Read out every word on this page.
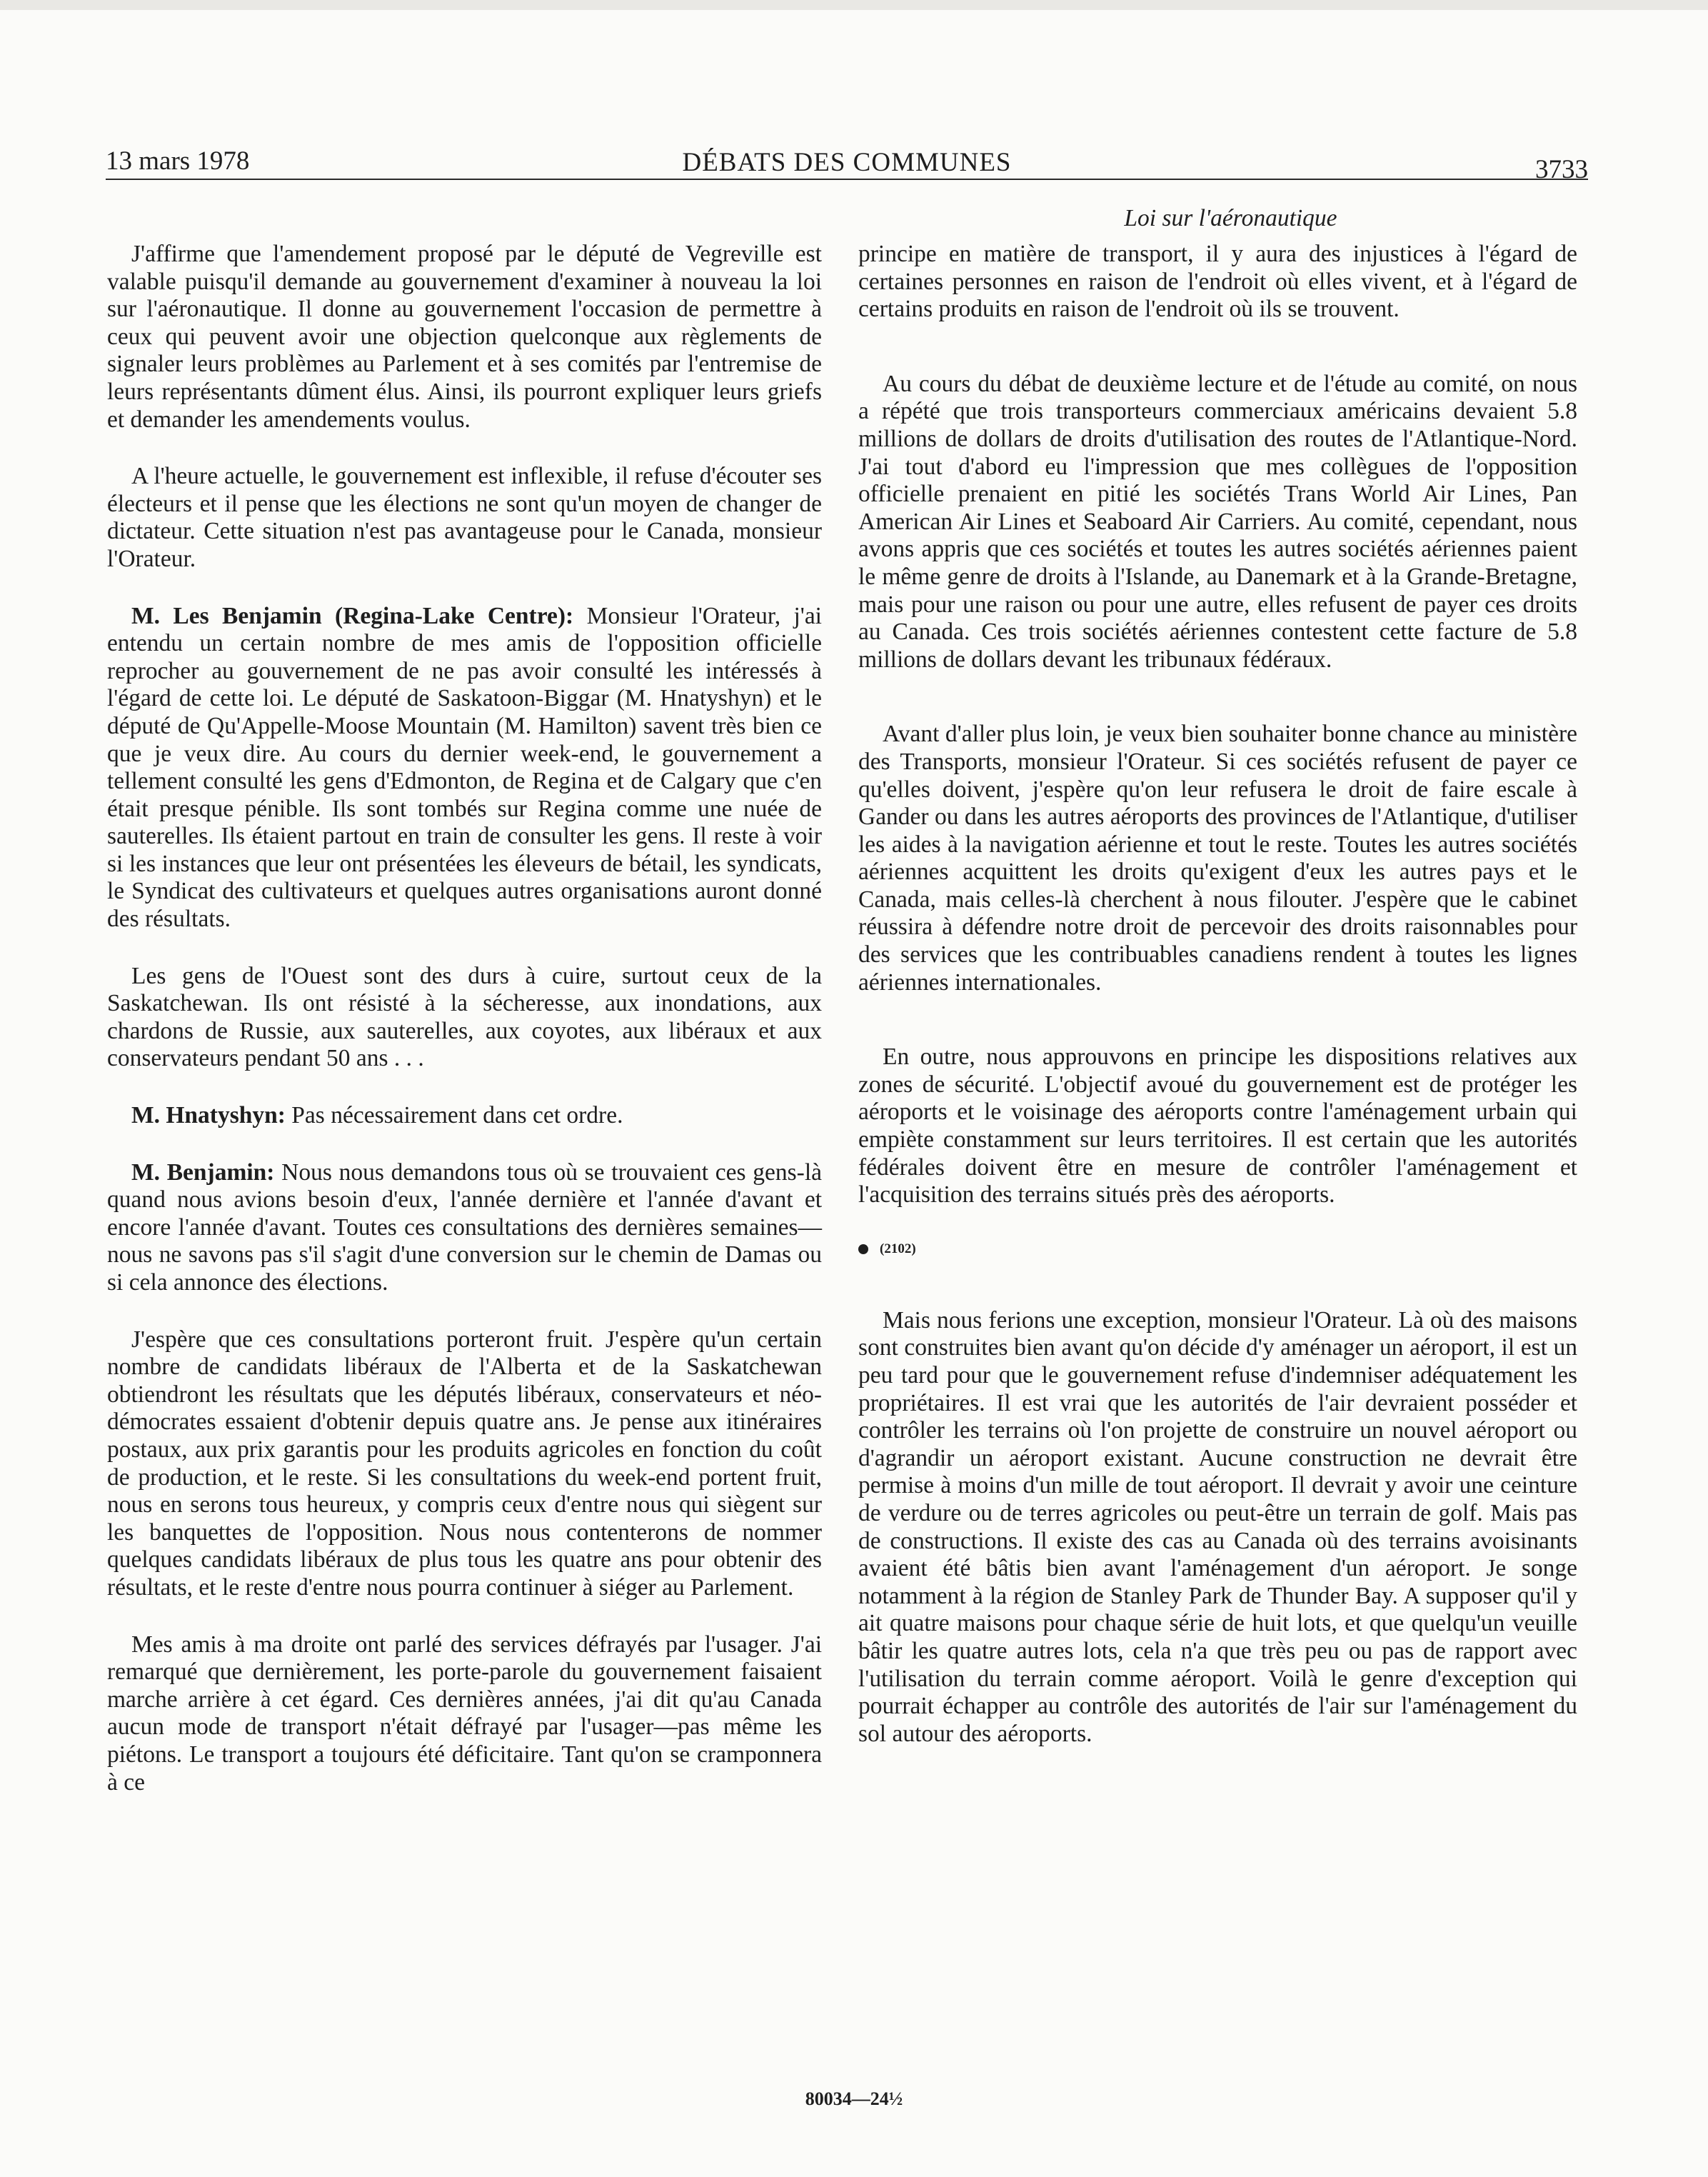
13 mars 1978	DÉBATS DES COMMUNES	3733

J'affirme que l'amendement proposé par le député de Vegreville est valable puisqu'il demande au gouvernement d'examiner à nouveau la loi sur l'aéronautique. Il donne au gouvernement l'occasion de permettre à ceux qui peuvent avoir une objection quelconque aux règlements de signaler leurs problèmes au Parlement et à ses comités par l'entremise de leurs représentants dûment élus. Ainsi, ils pourront expliquer leurs griefs et demander les amendements voulus.

A l'heure actuelle, le gouvernement est inflexible, il refuse d'écouter ses électeurs et il pense que les élections ne sont qu'un moyen de changer de dictateur. Cette situation n'est pas avantageuse pour le Canada, monsieur l'Orateur.

M. Les Benjamin (Regina-Lake Centre): Monsieur l'Orateur, j'ai entendu un certain nombre de mes amis de l'opposition officielle reprocher au gouvernement de ne pas avoir consulté les intéressés à l'égard de cette loi. Le député de Saskatoon-Biggar (M. Hnatyshyn) et le député de Qu'Appelle-Moose Mountain (M. Hamilton) savent très bien ce que je veux dire. Au cours du dernier week-end, le gouvernement a tellement consulté les gens d'Edmonton, de Regina et de Calgary que c'en était presque pénible. Ils sont tombés sur Regina comme une nuée de sauterelles. Ils étaient partout en train de consulter les gens. Il reste à voir si les instances que leur ont présentées les éleveurs de bétail, les syndicats, le Syndicat des cultivateurs et quelques autres organisations auront donné des résultats.

Les gens de l'Ouest sont des durs à cuire, surtout ceux de la Saskatchewan. Ils ont résisté à la sécheresse, aux inondations, aux chardons de Russie, aux sauterelles, aux coyotes, aux libéraux et aux conservateurs pendant 50 ans . . .

M. Hnatyshyn: Pas nécessairement dans cet ordre.

M. Benjamin: Nous nous demandons tous où se trouvaient ces gens-là quand nous avions besoin d'eux, l'année dernière et l'année d'avant et encore l'année d'avant. Toutes ces consultations des dernières semaines—nous ne savons pas s'il s'agit d'une conversion sur le chemin de Damas ou si cela annonce des élections.

J'espère que ces consultations porteront fruit. J'espère qu'un certain nombre de candidats libéraux de l'Alberta et de la Saskatchewan obtiendront les résultats que les députés libéraux, conservateurs et néo-démocrates essaient d'obtenir depuis quatre ans. Je pense aux itinéraires postaux, aux prix garantis pour les produits agricoles en fonction du coût de production, et le reste. Si les consultations du week-end portent fruit, nous en serons tous heureux, y compris ceux d'entre nous qui siègent sur les banquettes de l'opposition. Nous nous contenterons de nommer quelques candidats libéraux de plus tous les quatre ans pour obtenir des résultats, et le reste d'entre nous pourra continuer à siéger au Parlement.

Mes amis à ma droite ont parlé des services défrayés par l'usager. J'ai remarqué que dernièrement, les porte-parole du gouvernement faisaient marche arrière à cet égard. Ces dernières années, j'ai dit qu'au Canada aucun mode de transport n'était défrayé par l'usager—pas même les piétons. Le transport a toujours été déficitaire. Tant qu'on se cramponnera à ce

Loi sur l'aéronautique

principe en matière de transport, il y aura des injustices à l'égard de certaines personnes en raison de l'endroit où elles vivent, et à l'égard de certains produits en raison de l'endroit où ils se trouvent.

Au cours du débat de deuxième lecture et de l'étude au comité, on nous a répété que trois transporteurs commerciaux américains devaient 5.8 millions de dollars de droits d'utilisation des routes de l'Atlantique-Nord. J'ai tout d'abord eu l'impression que mes collègues de l'opposition officielle prenaient en pitié les sociétés Trans World Air Lines, Pan American Air Lines et Seaboard Air Carriers. Au comité, cependant, nous avons appris que ces sociétés et toutes les autres sociétés aériennes paient le même genre de droits à l'Islande, au Danemark et à la Grande-Bretagne, mais pour une raison ou pour une autre, elles refusent de payer ces droits au Canada. Ces trois sociétés aériennes contestent cette facture de 5.8 millions de dollars devant les tribunaux fédéraux.

Avant d'aller plus loin, je veux bien souhaiter bonne chance au ministère des Transports, monsieur l'Orateur. Si ces sociétés refusent de payer ce qu'elles doivent, j'espère qu'on leur refusera le droit de faire escale à Gander ou dans les autres aéroports des provinces de l'Atlantique, d'utiliser les aides à la navigation aérienne et tout le reste. Toutes les autres sociétés aériennes acquittent les droits qu'exigent d'eux les autres pays et le Canada, mais celles-là cherchent à nous filouter. J'espère que le cabinet réussira à défendre notre droit de percevoir des droits raisonnables pour des services que les contribuables canadiens rendent à toutes les lignes aériennes internationales.

En outre, nous approuvons en principe les dispositions relatives aux zones de sécurité. L'objectif avoué du gouvernement est de protéger les aéroports et le voisinage des aéroports contre l'aménagement urbain qui empiète constamment sur leurs territoires. Il est certain que les autorités fédérales doivent être en mesure de contrôler l'aménagement et l'acquisition des terrains situés près des aéroports.

(2102)

Mais nous ferions une exception, monsieur l'Orateur. Là où des maisons sont construites bien avant qu'on décide d'y aménager un aéroport, il est un peu tard pour que le gouvernement refuse d'indemniser adéquatement les propriétaires. Il est vrai que les autorités de l'air devraient posséder et contrôler les terrains où l'on projette de construire un nouvel aéroport ou d'agrandir un aéroport existant. Aucune construction ne devrait être permise à moins d'un mille de tout aéroport. Il devrait y avoir une ceinture de verdure ou de terres agricoles ou peut-être un terrain de golf. Mais pas de constructions. Il existe des cas au Canada où des terrains avoisinants avaient été bâtis bien avant l'aménagement d'un aéroport. Je songe notamment à la région de Stanley Park de Thunder Bay. A supposer qu'il y ait quatre maisons pour chaque série de huit lots, et que quelqu'un veuille bâtir les quatre autres lots, cela n'a que très peu ou pas de rapport avec l'utilisation du terrain comme aéroport. Voilà le genre d'exception qui pourrait échapper au contrôle des autorités de l'air sur l'aménagement du sol autour des aéroports.

80034—24½
